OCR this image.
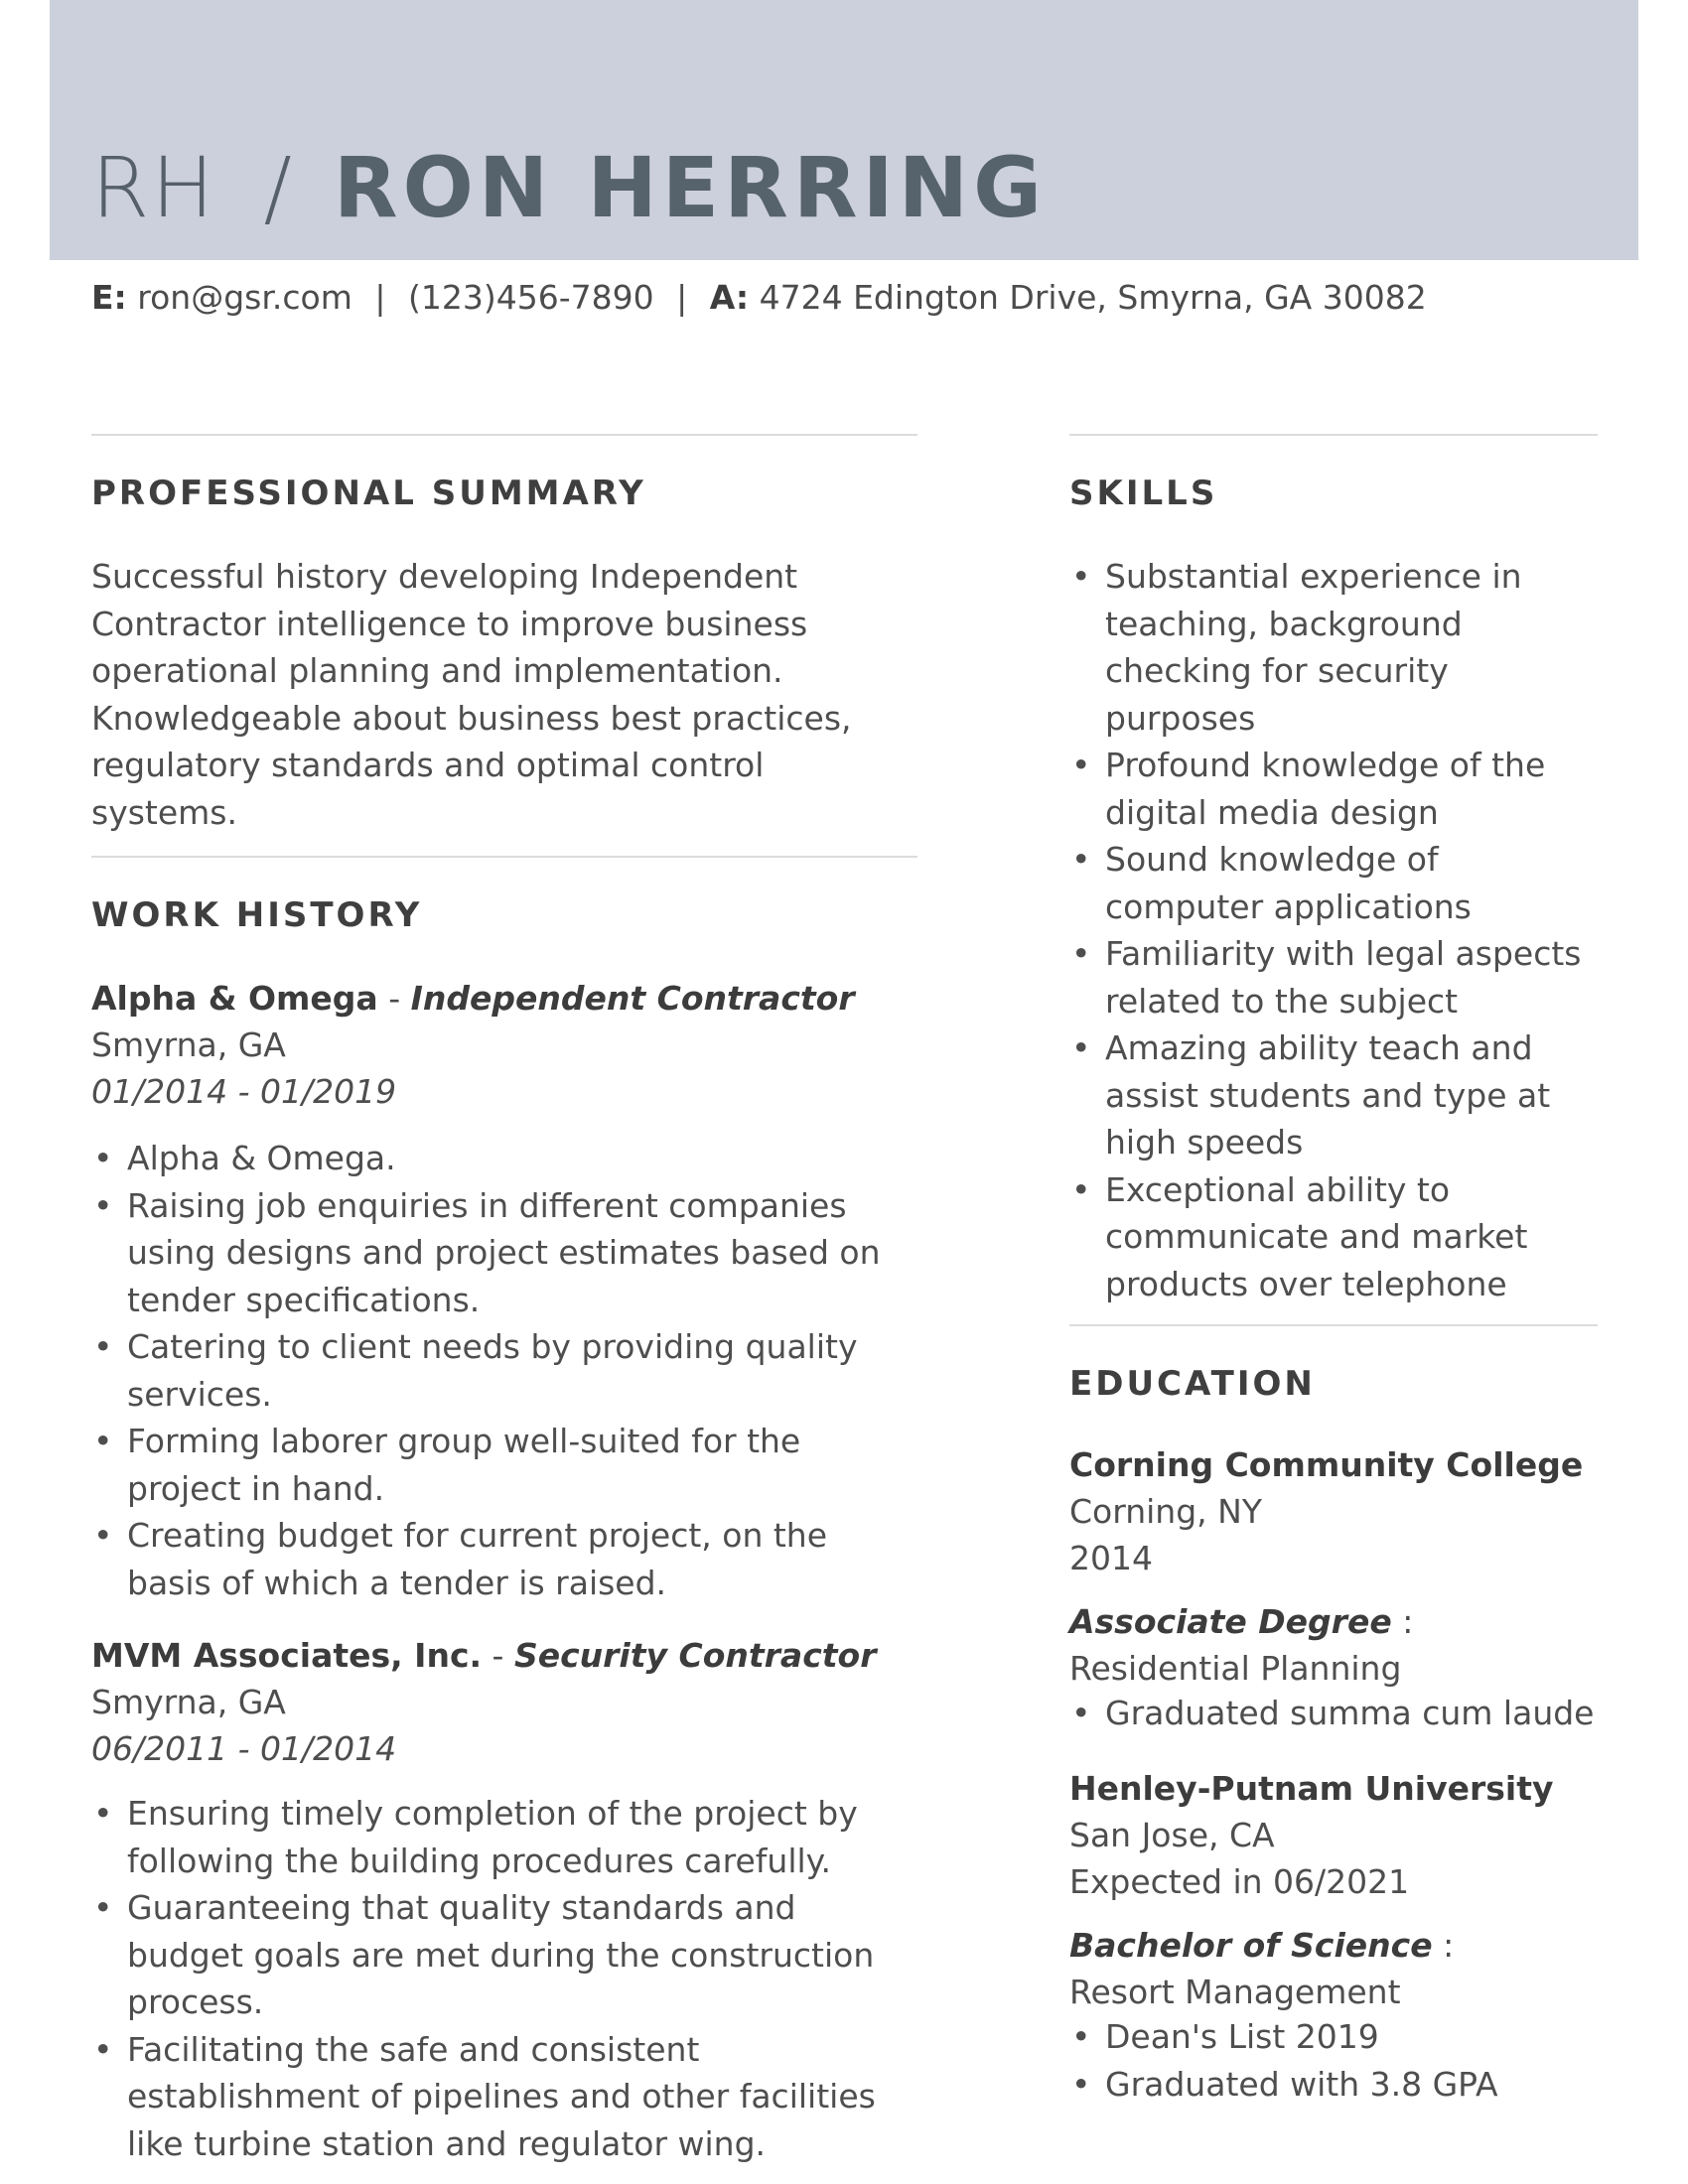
RH / RON HERRING
E: ron@gsr.com | (123)456-7890 | A: 4724 Edington Drive, Smyrna, GA 30082
PROFESSIONAL SUMMARY
Successful history developing Independent
Contractor intelligence to improve business
operational planning and implementation.
Knowledgeable about business best practices,
regulatory standards and optimal control systems.
WORK HISTORY
Alpha & Omega - Independent Contractor
Smyrna, GA
01/2014 - 01/2019
• Alpha & Omega.
• Raising job enquiries in different companies using designs and project estimates based on tender specifications.
• Catering to client needs by providing quality services.
• Forming laborer group well-suited for the project in hand.
• Creating budget for current project, on the basis of which a tender is raised.
MVM Associates, Inc. - Security Contractor
Smyrna, GA
06/2011 - 01/2014
• Ensuring timely completion of the project by following the building procedures carefully.
• Guaranteeing that quality standards and budget goals are met during the construction process.
• Facilitating the safe and consistent establishment of pipelines and other facilities like turbine station and regulator wing.
SKILLS
• Substantial experience in teaching, background checking for security purposes
• Profound knowledge of the digital media design
• Sound knowledge of computer applications
• Familiarity with legal aspects related to the subject
• Amazing ability teach and assist students and type at high speeds
• Exceptional ability to communicate and market products over telephone
EDUCATION
Corning Community College
Corning, NY
2014
Associate Degree :
Residential Planning
• Graduated summa cum laude
Henley-Putnam University
San Jose, CA
Expected in 06/2021
Bachelor of Science :
Resort Management
• Dean's List 2019
• Graduated with 3.8 GPA
